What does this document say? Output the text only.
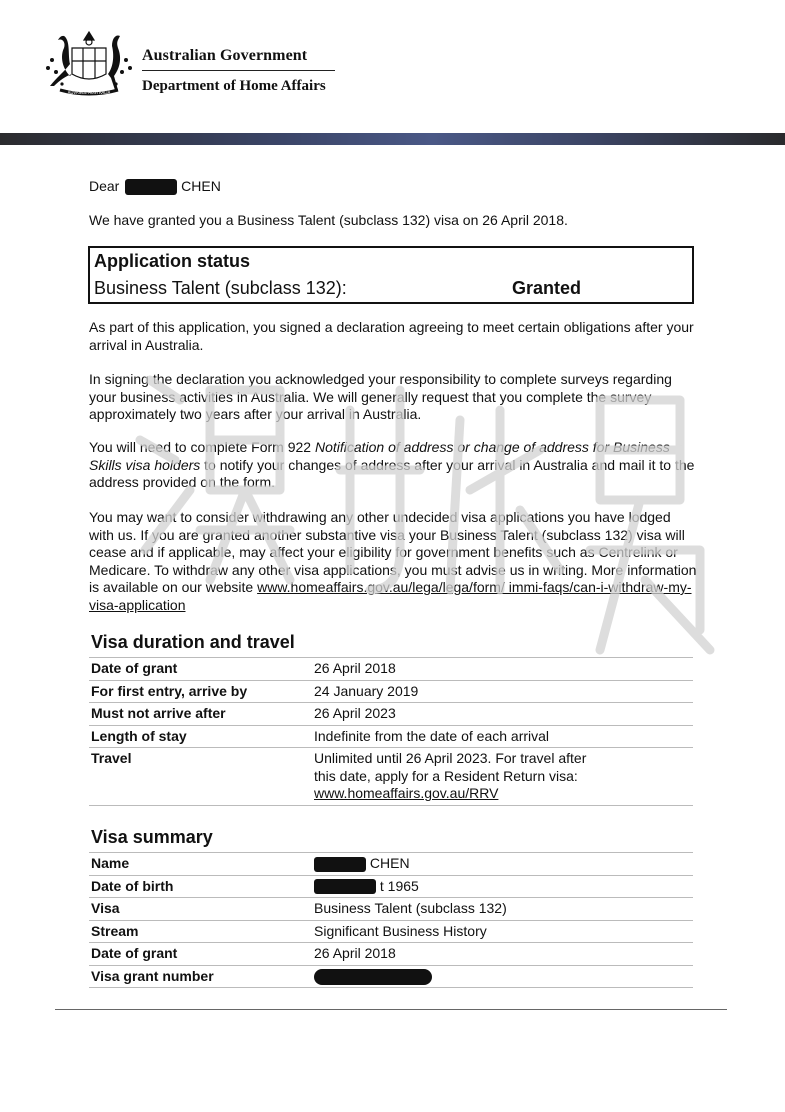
ADVANCE AUSTRALIA
Australian Government
Department of Home Affairs
Dear	CHEN
We have granted you a Business Talent (subclass 132) visa on 26 April 2018.
Application status
Business Talent (subclass 132):	Granted
As part of this application, you signed a declaration agreeing to meet certain obligations after your arrival in Australia.
In signing the declaration you acknowledged your responsibility to complete surveys regarding your business activities in Australia. We will generally request that you complete the survey approximately two years after your arrival in Australia.
You will need to complete Form 922 Notification of address or change of address for Business Skills visa holders to notify your changes of address after your arrival in Australia and mail it to the address provided on the form.
You may want to consider withdrawing any other undecided visa applications you have lodged with us. If you are granted another substantive visa your Business Talent (subclass 132) visa will cease and if applicable, may affect your eligibility for government benefits such as Centrelink or Medicare. To withdraw any other visa applications, you must advise us in writing. More information is available on our website www.homeaffairs.gov.au/lega/lega/form/ immi-faqs/can-i-withdraw-my-visa-application
Visa duration and travel
Date of grant	26 April 2018
For first entry, arrive by	24 January 2019
Must not arrive after	26 April 2023
Length of stay	Indefinite from the date of each arrival
Travel	Unlimited until 26 April 2023. For travel after this date, apply for a Resident Return visa:
www.homeaffairs.gov.au/RRV
Visa summary
Name	CHEN
Date of birth	t 1965
Visa	Business Talent (subclass 132)
Stream	Significant Business History
Date of grant	26 April 2018
Visa grant number
